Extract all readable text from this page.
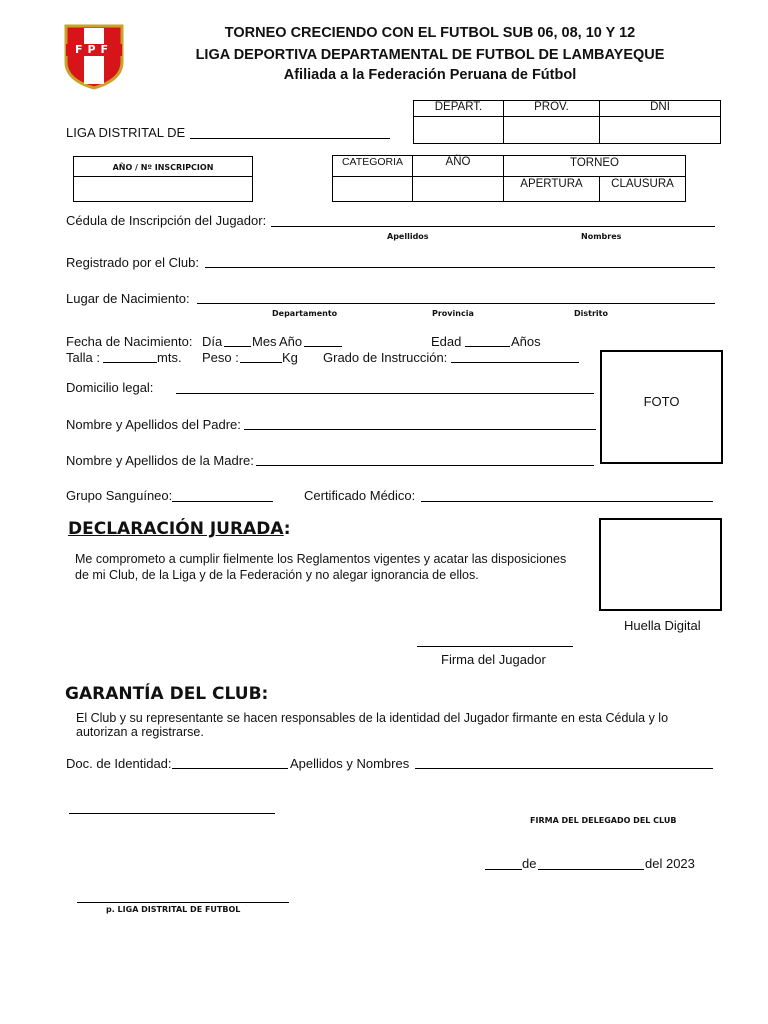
FPF
TORNEO CRECIENDO CON EL FUTBOL SUB 06, 08, 10 Y 12
LIGA DEPORTIVA DEPARTAMENTAL DE FUTBOL DE LAMBAYEQUE
Afiliada a la Federación Peruana de Fútbol
LIGA DISTRITAL DE
DEPART.	PROV.	DNI
$_{AÑO / Nº INSCRIPCION}$	CATEGORIA	AÑO	TORNEO
APERTURA	CLAUSURA
Cédula de Inscripción del Jugador:
Apellidos	Nombres
Registrado por el Club:
Lugar de Nacimiento:
Departamento	Provincia	Distrito
Fecha de Nacimiento: Día Mes Año	Edad	Años
Talla :	mts. Peso :	Kg Grado de Instrucción:
FOTO
Domicilio legal:
Nombre y Apellidos del Padre:
Nombre y Apellidos de la Madre:
Grupo Sanguíneo:	Certificado Médico:
DECLARACIÓN JURADA:
Me comprometo a cumplir fielmente los Reglamentos vigentes y acatar las disposiciones
de mi Club, de la Liga y de la Federación y no alegar ignorancia de ellos.
Huella Digital
Firma del Jugador
GARANTÍA DEL CLUB:
El Club y su representante se hacen responsables de la identidad del Jugador firmante en esta Cédula y lo
autorizan a registrarse.
Doc. de Identidad:	Apellidos y Nombres
FIRMA DEL DELEGADO DEL CLUB
de	del 2023
p. LIGA DISTRITAL DE FUTBOL
